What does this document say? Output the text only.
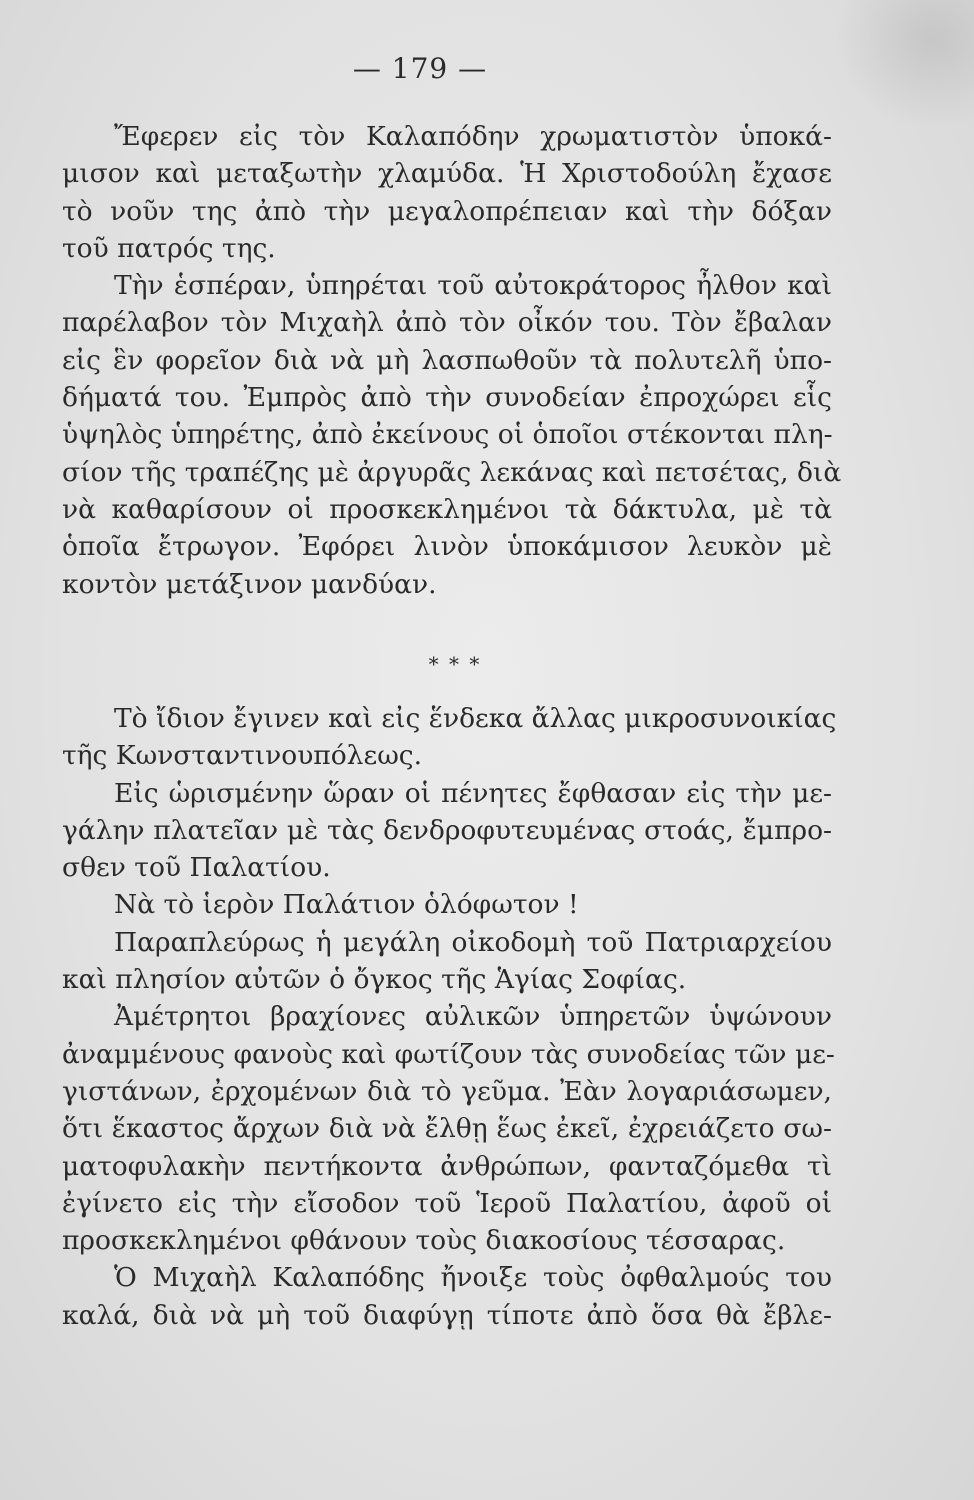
— 179 —
Ἔφερεν εἰς τὸν Καλαπόδην χρωματιστὸν ὑποκά-
μισον καὶ μεταξωτὴν χλαμύδα. Ἡ Χριστοδούλη ἔχασε
τὸ νοῦν της ἀπὸ τὴν μεγαλοπρέπειαν καὶ τὴν δόξαν
τοῦ πατρός της.
Τὴν ἑσπέραν, ὑπηρέται τοῦ αὐτοκράτορος ἦλθον καὶ
παρέλαβον τὸν Μιχαὴλ ἀπὸ τὸν οἶκόν του. Τὸν ἔβαλαν
εἰς ἓν φορεῖον διὰ νὰ μὴ λασπωθοῦν τὰ πολυτελῆ ὑπο-
δήματά του. Ἐμπρὸς ἀπὸ τὴν συνοδείαν ἐπροχώρει εἷς
ὑψηλὸς ὑπηρέτης, ἀπὸ ἐκείνους οἱ ὁποῖοι στέκονται πλη-
σίον τῆς τραπέζης μὲ ἀργυρᾶς λεκάνας καὶ πετσέτας, διὰ
νὰ καθαρίσουν οἱ προσκεκλημένοι τὰ δάκτυλα, μὲ τὰ
ὁποῖα ἔτρωγον. Ἐφόρει λινὸν ὑποκάμισον λευκὸν μὲ
κοντὸν μετάξινον μανδύαν.
* * *
Τὸ ἴδιον ἔγινεν καὶ εἰς ἕνδεκα ἄλλας μικροσυνοικίας
τῆς Κωνσταντινουπόλεως.
Εἰς ὡρισμένην ὥραν οἱ πένητες ἔφθασαν εἰς τὴν με-
γάλην πλατεῖαν μὲ τὰς δενδροφυτευμένας στοάς, ἔμπρο-
σθεν τοῦ Παλατίου.
Νὰ τὸ ἱερὸν Παλάτιον ὁλόφωτον !
Παραπλεύρως ἡ μεγάλη οἰκοδομὴ τοῦ Πατριαρχείου
καὶ πλησίον αὐτῶν ὁ ὄγκος τῆς Ἁγίας Σοφίας.
Ἀμέτρητοι βραχίονες αὐλικῶν ὑπηρετῶν ὑψώνουν
ἀναμμένους φανοὺς καὶ φωτίζουν τὰς συνοδείας τῶν με-
γιστάνων, ἐρχομένων διὰ τὸ γεῦμα. Ἐὰν λογαριάσωμεν,
ὅτι ἕκαστος ἄρχων διὰ νὰ ἔλθῃ ἕως ἐκεῖ, ἐχρειάζετο σω-
ματοφυλακὴν πεντήκοντα ἀνθρώπων, φανταζόμεθα τὶ
ἐγίνετο εἰς τὴν εἴσοδον τοῦ Ἱεροῦ Παλατίου, ἀφοῦ οἱ
προσκεκλημένοι φθάνουν τοὺς διακοσίους τέσσαρας.
Ὁ Μιχαὴλ Καλαπόδης ἤνοιξε τοὺς ὀφθαλμούς του
καλά, διὰ νὰ μὴ τοῦ διαφύγῃ τίποτε ἀπὸ ὅσα θὰ ἔβλε-
